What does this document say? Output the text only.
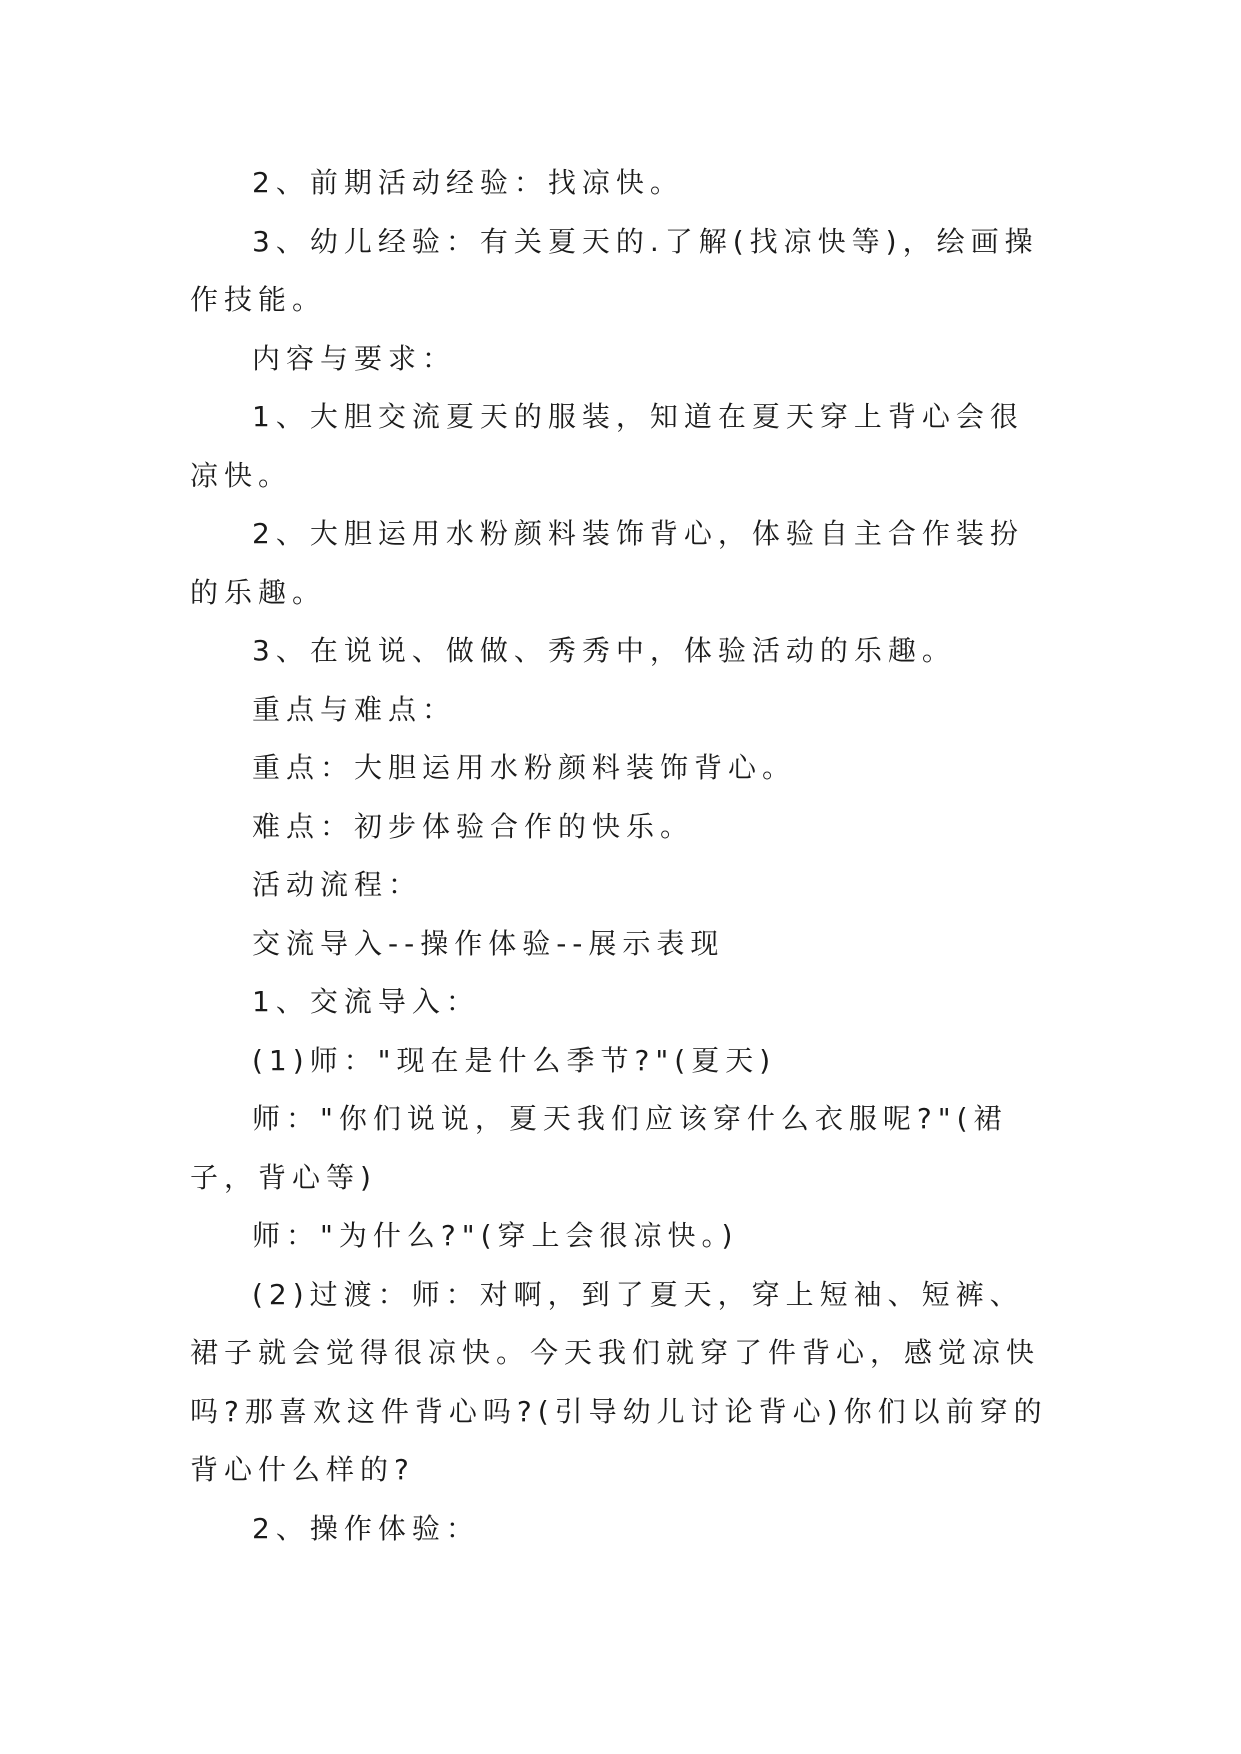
2、前期活动经验：找凉快。

3、幼儿经验：有关夏天的.了解(找凉快等)，绘画操作技能。

内容与要求：

1、大胆交流夏天的服装，知道在夏天穿上背心会很凉快。

2、大胆运用水粉颜料装饰背心，体验自主合作装扮的乐趣。

3、在说说、做做、秀秀中，体验活动的乐趣。

重点与难点：

重点：大胆运用水粉颜料装饰背心。

难点：初步体验合作的快乐。

活动流程：

交流导入--操作体验--展示表现

1、交流导入：

(1)师："现在是什么季节?"(夏天)

师："你们说说，夏天我们应该穿什么衣服呢?"(裙子，背心等)

师："为什么?"(穿上会很凉快。)

(2)过渡：师：对啊，到了夏天，穿上短袖、短裤、裙子就会觉得很凉快。今天我们就穿了件背心，感觉凉快吗?那喜欢这件背心吗?(引导幼儿讨论背心)你们以前穿的背心什么样的?

2、操作体验：
